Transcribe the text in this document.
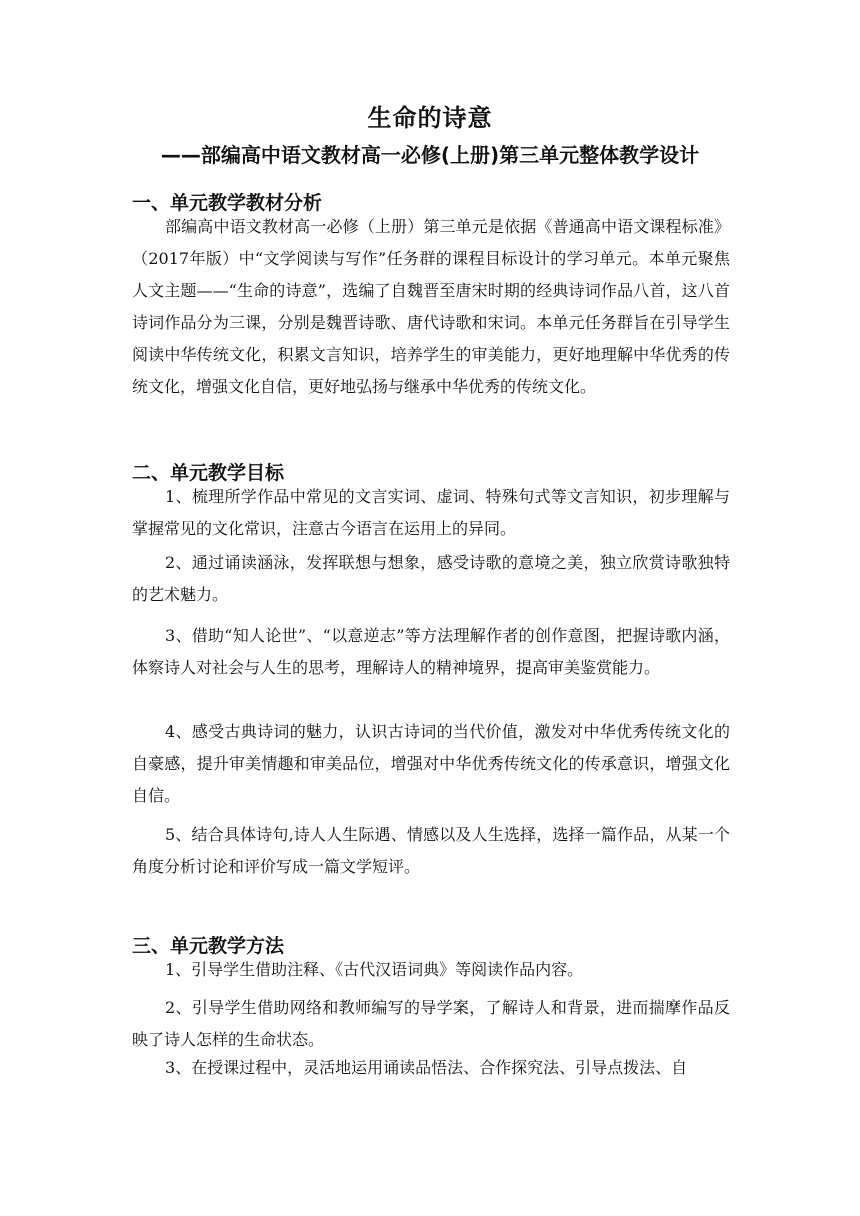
生命的诗意
——部编高中语文教材高一必修(上册)第三单元整体教学设计
一、单元教学教材分析
部编高中语文教材高一必修（上册）第三单元是依据《普通高中语文课程标准》（2017年版）中“文学阅读与写作”任务群的课程目标设计的学习单元。本单元聚焦人文主题——“生命的诗意”，选编了自魏晋至唐宋时期的经典诗词作品八首，这八首诗词作品分为三课，分别是魏晋诗歌、唐代诗歌和宋词。本单元任务群旨在引导学生阅读中华传统文化，积累文言知识，培养学生的审美能力，更好地理解中华优秀的传统文化，增强文化自信，更好地弘扬与继承中华优秀的传统文化。
二、单元教学目标
1、梳理所学作品中常见的文言实词、虚词、特殊句式等文言知识，初步理解与掌握常见的文化常识，注意古今语言在运用上的异同。
2、通过诵读涵泳，发挥联想与想象，感受诗歌的意境之美，独立欣赏诗歌独特的艺术魅力。
3、借助“知人论世”、“以意逆志”等方法理解作者的创作意图，把握诗歌内涵，体察诗人对社会与人生的思考，理解诗人的精神境界，提高审美鉴赏能力。
4、感受古典诗词的魅力，认识古诗词的当代价值，激发对中华优秀传统文化的自豪感，提升审美情趣和审美品位，增强对中华优秀传统文化的传承意识，增强文化自信。
5、结合具体诗句,诗人人生际遇、情感以及人生选择，选择一篇作品，从某一个角度分析讨论和评价写成一篇文学短评。
三、单元教学方法
1、引导学生借助注释、《古代汉语词典》等阅读作品内容。
2、引导学生借助网络和教师编写的导学案，了解诗人和背景，进而揣摩作品反映了诗人怎样的生命状态。
3、在授课过程中，灵活地运用诵读品悟法、合作探究法、引导点拨法、自
